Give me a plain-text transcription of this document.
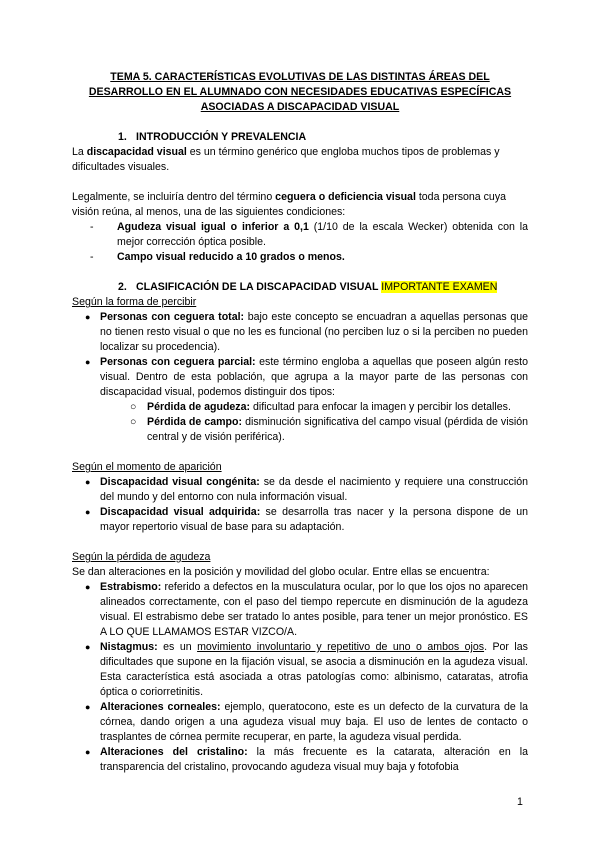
TEMA 5. CARACTERÍSTICAS EVOLUTIVAS DE LAS DISTINTAS ÁREAS DEL
DESARROLLO EN EL ALUMNADO CON NECESIDADES EDUCATIVAS ESPECÍFICAS
ASOCIADAS A DISCAPACIDAD VISUAL
1. INTRODUCCIÓN Y PREVALENCIA

La discapacidad visual es un término genérico que engloba muchos tipos de problemas y dificultades visuales.

Legalmente, se incluiría dentro del término ceguera o deficiencia visual toda persona cuya visión reúna, al menos, una de las siguientes condiciones:

- Agudeza visual igual o inferior a 0,1 (1/10 de la escala Wecker) obtenida con la mejor corrección óptica posible.

- Campo visual reducido a 10 grados o menos.

2. CLASIFICACIÓN DE LA DISCAPACIDAD VISUAL IMPORTANTE EXAMEN

Según la forma de percibir

● Personas con ceguera total: bajo este concepto se encuadran a aquellas personas que no tienen resto visual o que no les es funcional (no perciben luz o si la perciben no pueden localizar su procedencia).

● Personas con ceguera parcial: este término engloba a aquellas que poseen algún resto visual. Dentro de esta población, que agrupa a la mayor parte de las personas con discapacidad visual, podemos distinguir dos tipos:

○ Pérdida de agudeza: dificultad para enfocar la imagen y percibir los detalles.

○ Pérdida de campo: disminución significativa del campo visual (pérdida de visión central y de visión periférica).

Según el momento de aparición

● Discapacidad visual congénita: se da desde el nacimiento y requiere una construcción del mundo y del entorno con nula información visual.

● Discapacidad visual adquirida: se desarrolla tras nacer y la persona dispone de un mayor repertorio visual de base para su adaptación.

Según la pérdida de agudeza

Se dan alteraciones en la posición y movilidad del globo ocular. Entre ellas se encuentra:

● Estrabismo: referido a defectos en la musculatura ocular, por lo que los ojos no aparecen alineados correctamente, con el paso del tiempo repercute en disminución de la agudeza visual. El estrabismo debe ser tratado lo antes posible, para tener un mejor pronóstico. ES A LO QUE LLAMAMOS ESTAR VIZCO/A.

● Nistagmus: es un movimiento involuntario y repetitivo de uno o ambos ojos. Por las dificultades que supone en la fijación visual, se asocia a disminución en la agudeza visual. Esta característica está asociada a otras patologías como: albinismo, cataratas, atrofia óptica o coriorretinitis.

● Alteraciones corneales: ejemplo, queratocono, este es un defecto de la curvatura de la córnea, dando origen a una agudeza visual muy baja. El uso de lentes de contacto o trasplantes de córnea permite recuperar, en parte, la agudeza visual perdida.

● Alteraciones del cristalino: la más frecuente es la catarata, alteración en la transparencia del cristalino, provocando agudeza visual muy baja y fotofobia

1
